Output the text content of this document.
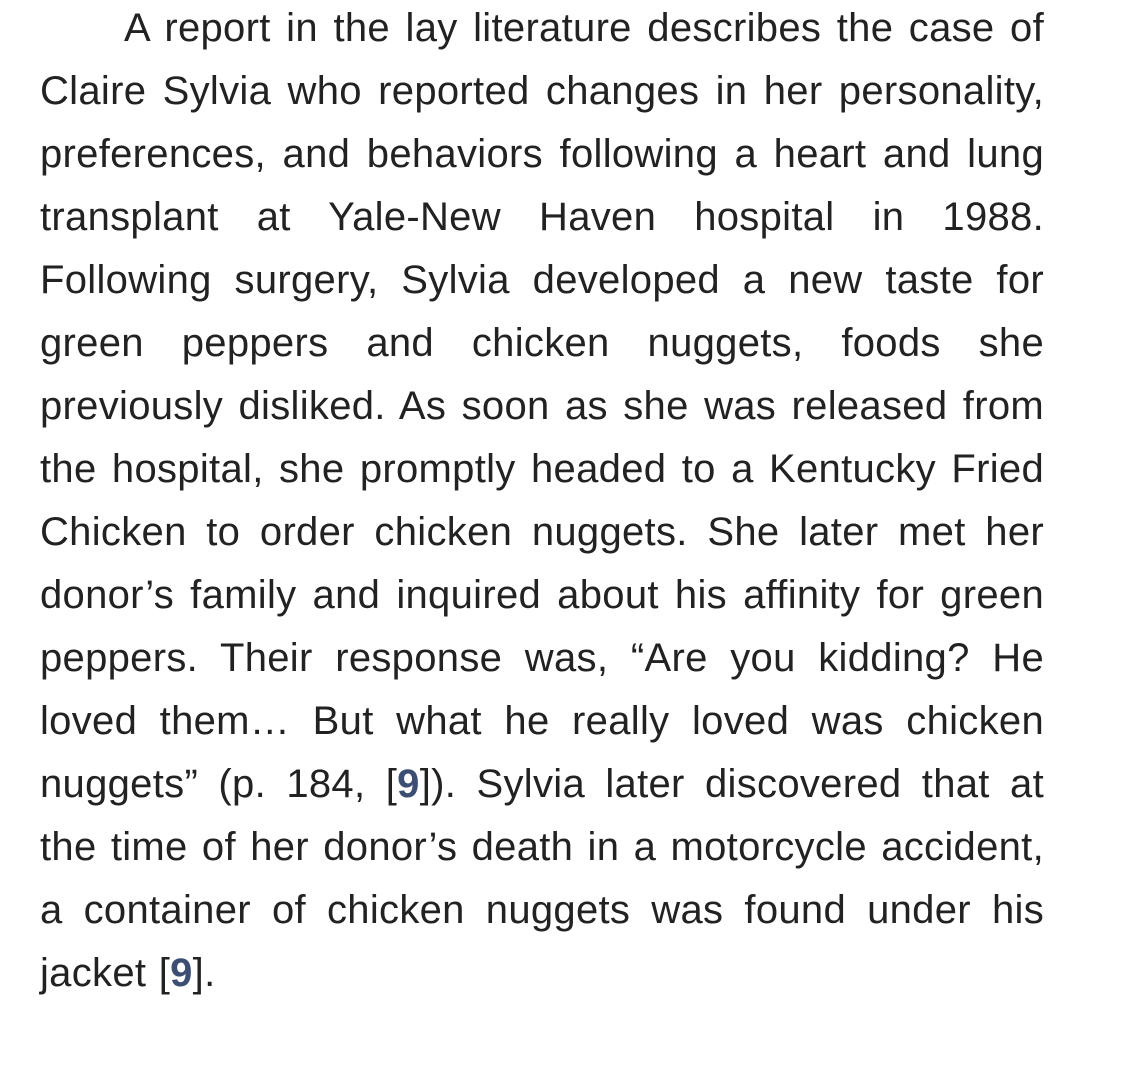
A report in the lay literature describes the case of Claire Sylvia who reported changes in her personality, preferences, and behaviors following a heart and lung transplant at Yale-New Haven hospital in 1988. Following surgery, Sylvia developed a new taste for green peppers and chicken nuggets, foods she previously disliked. As soon as she was released from the hospital, she promptly headed to a Kentucky Fried Chicken to order chicken nuggets. She later met her donor’s family and inquired about his affinity for green peppers. Their response was, “Are you kidding? He loved them… But what he really loved was chicken nuggets” (p. 184, [9]). Sylvia later discovered that at the time of her donor’s death in a motorcycle accident, a container of chicken nuggets was found under his jacket [9].
